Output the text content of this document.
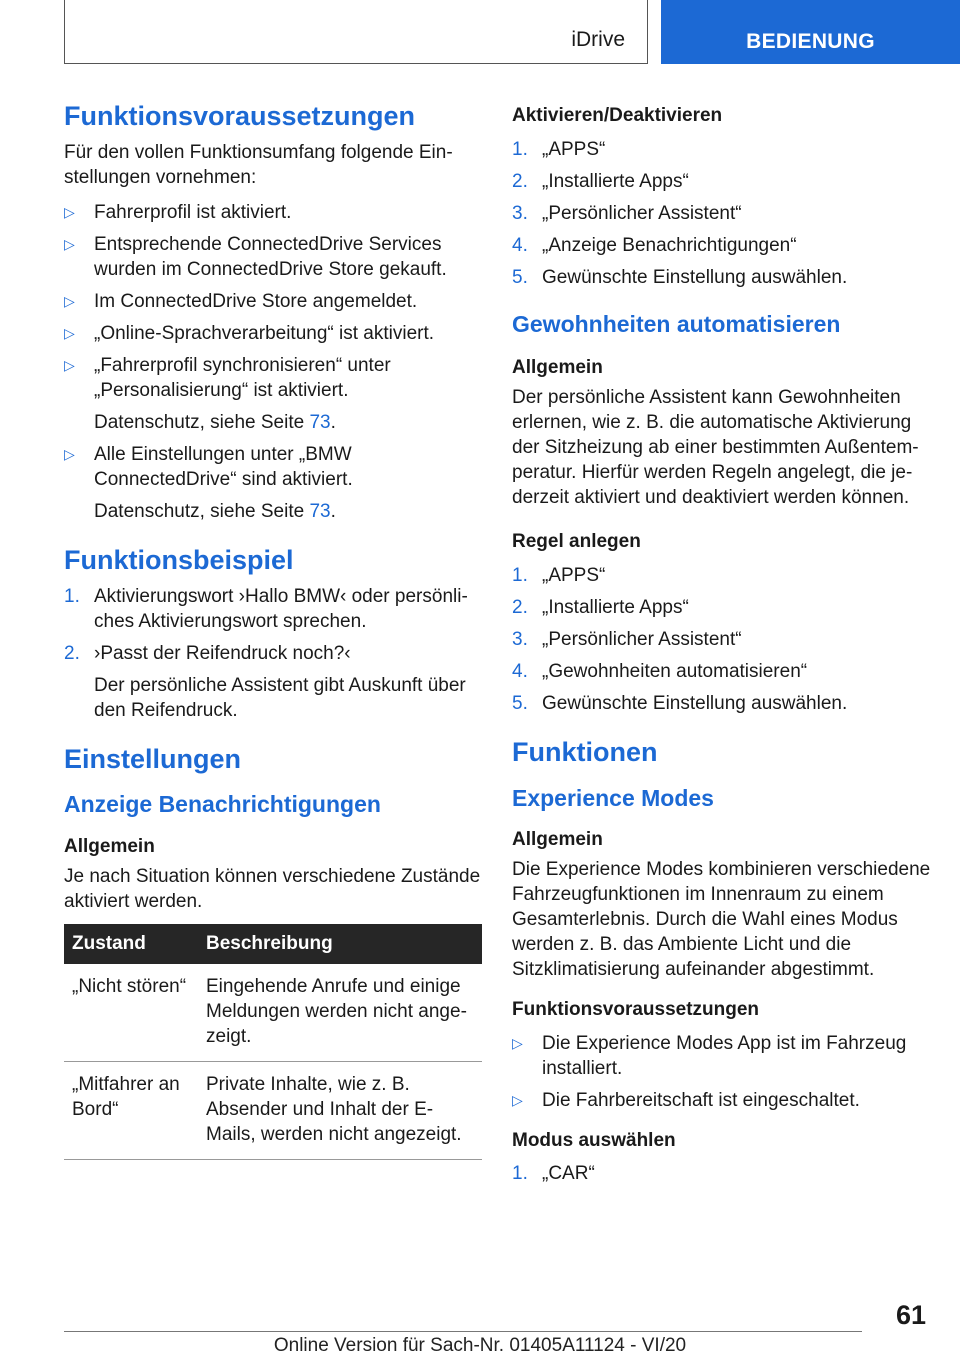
iDrive	BEDIENUNG
Funktionsvoraussetzungen
Für den vollen Funktionsumfang folgende Einstellungen vornehmen:
▷ Fahrerprofil ist aktiviert.
▷ Entsprechende ConnectedDrive Services wurden im ConnectedDrive Store gekauft.
▷ Im ConnectedDrive Store angemeldet.
▷ „Online-Sprachverarbeitung“ ist aktiviert.
▷ „Fahrerprofil synchronisieren“ unter „Personalisierung“ ist aktiviert.
Datenschutz, siehe Seite 73.
▷ Alle Einstellungen unter „BMW ConnectedDrive“ sind aktiviert.
Datenschutz, siehe Seite 73.
Funktionsbeispiel
1. Aktivierungswort ›Hallo BMW‹ oder persönliches Aktivierungswort sprechen.
2. ›Passt der Reifendruck noch?‹
Der persönliche Assistent gibt Auskunft über den Reifendruck.
Einstellungen
Anzeige Benachrichtigungen
Allgemein
Je nach Situation können verschiedene Zustände aktiviert werden.
Zustand	Beschreibung
„Nicht stören“	Eingehende Anrufe und einige Meldungen werden nicht angezeigt.
„Mitfahrer an Bord“	Private Inhalte, wie z. B. Absender und Inhalt der E-Mails, werden nicht angezeigt.
Aktivieren/Deaktivieren
1. „APPS“
2. „Installierte Apps“
3. „Persönlicher Assistent“
4. „Anzeige Benachrichtigungen“
5. Gewünschte Einstellung auswählen.
Gewohnheiten automatisieren
Allgemein
Der persönliche Assistent kann Gewohnheiten erlernen, wie z. B. die automatische Aktivierung der Sitzheizung ab einer bestimmten Außentemperatur. Hierfür werden Regeln angelegt, die jederzeit aktiviert und deaktiviert werden können.
Regel anlegen
1. „APPS“
2. „Installierte Apps“
3. „Persönlicher Assistent“
4. „Gewohnheiten automatisieren“
5. Gewünschte Einstellung auswählen.
Funktionen
Experience Modes
Allgemein
Die Experience Modes kombinieren verschiedene Fahrzeugfunktionen im Innenraum zu einem Gesamterlebnis. Durch die Wahl eines Modus werden z. B. das Ambiente Licht und die Sitzklimatisierung aufeinander abgestimmt.
Funktionsvoraussetzungen
▷ Die Experience Modes App ist im Fahrzeug installiert.
▷ Die Fahrbereitschaft ist eingeschaltet.
Modus auswählen
1. „CAR“
61
Online Version für Sach-Nr. 01405A11124 - VI/20
